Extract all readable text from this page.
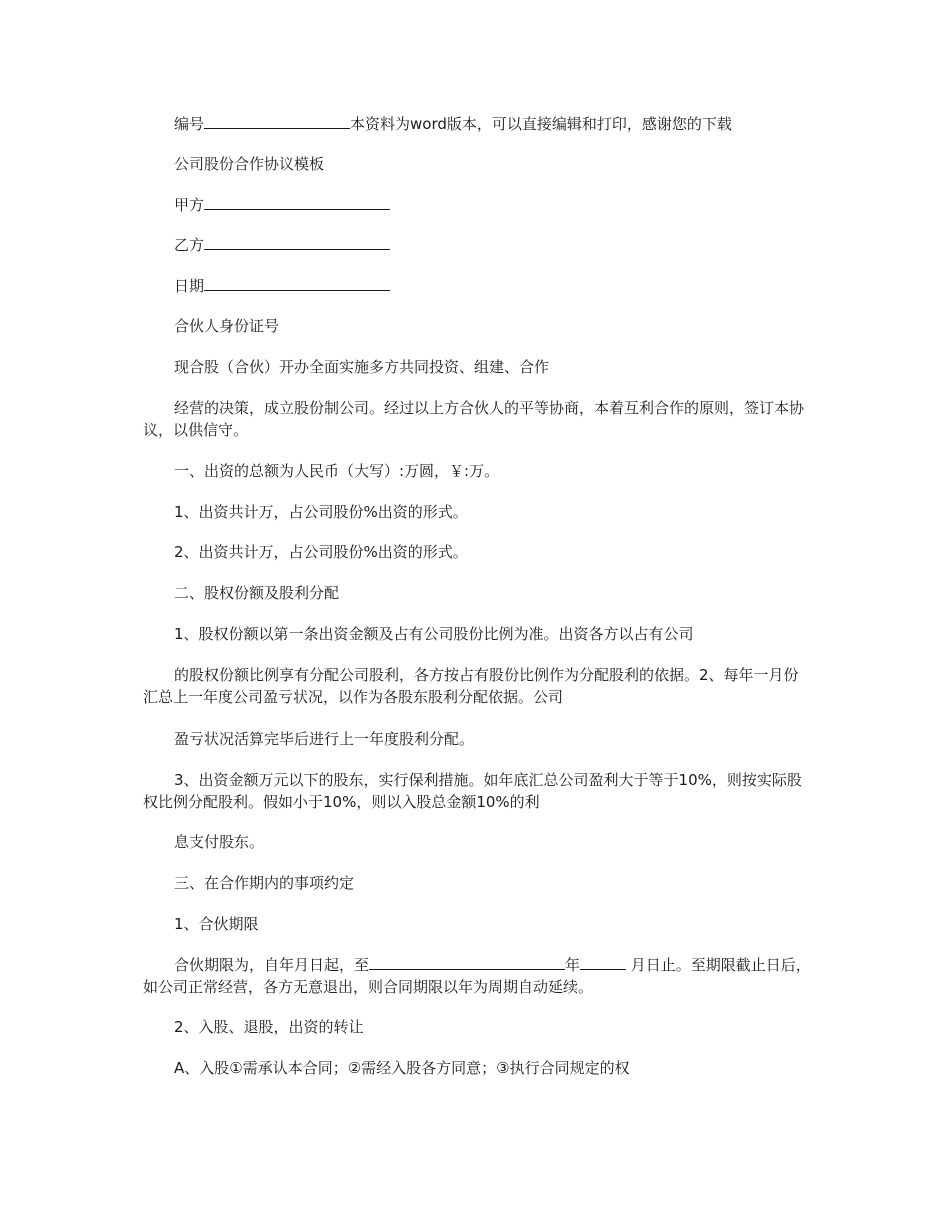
编号	本资料为word版本，可以直接编辑和打印，感谢您的下载

公司股份合作协议模板

甲方

乙方

日期

合伙人身份证号

现合股（合伙）开办全面实施多方共同投资、组建、合作

经营的决策，成立股份制公司。经过以上方合伙人的平等协商，本着互利合作的原则，签订本协议，以供信守。

一、出资的总额为人民币（大写）:万圆，￥:万。

1、出资共计万，占公司股份%出资的形式。

2、出资共计万，占公司股份%出资的形式。

二、股权份额及股利分配

1、股权份额以第一条出资金额及占有公司股份比例为准。出资各方以占有公司

的股权份额比例享有分配公司股利，各方按占有股份比例作为分配股利的依据。2、每年一月份汇总上一年度公司盈亏状况，以作为各股东股利分配依据。公司

盈亏状况活算完毕后进行上一年度股利分配。

3、出资金额万元以下的股东，实行保利措施。如年底汇总公司盈利大于等于10%，则按实际股权比例分配股利。假如小于10%，则以入股总金额10%的利

息支付股东。

三、在合作期内的事项约定

1、合伙期限

合伙期限为，自年月日起，至	年	月日止。至期限截止日后，如公司正常经营，各方无意退出，则合同期限以年为周期自动延续。

2、入股、退股，出资的转让

A、入股①需承认本合同；②需经入股各方同意；③执行合同规定的权
